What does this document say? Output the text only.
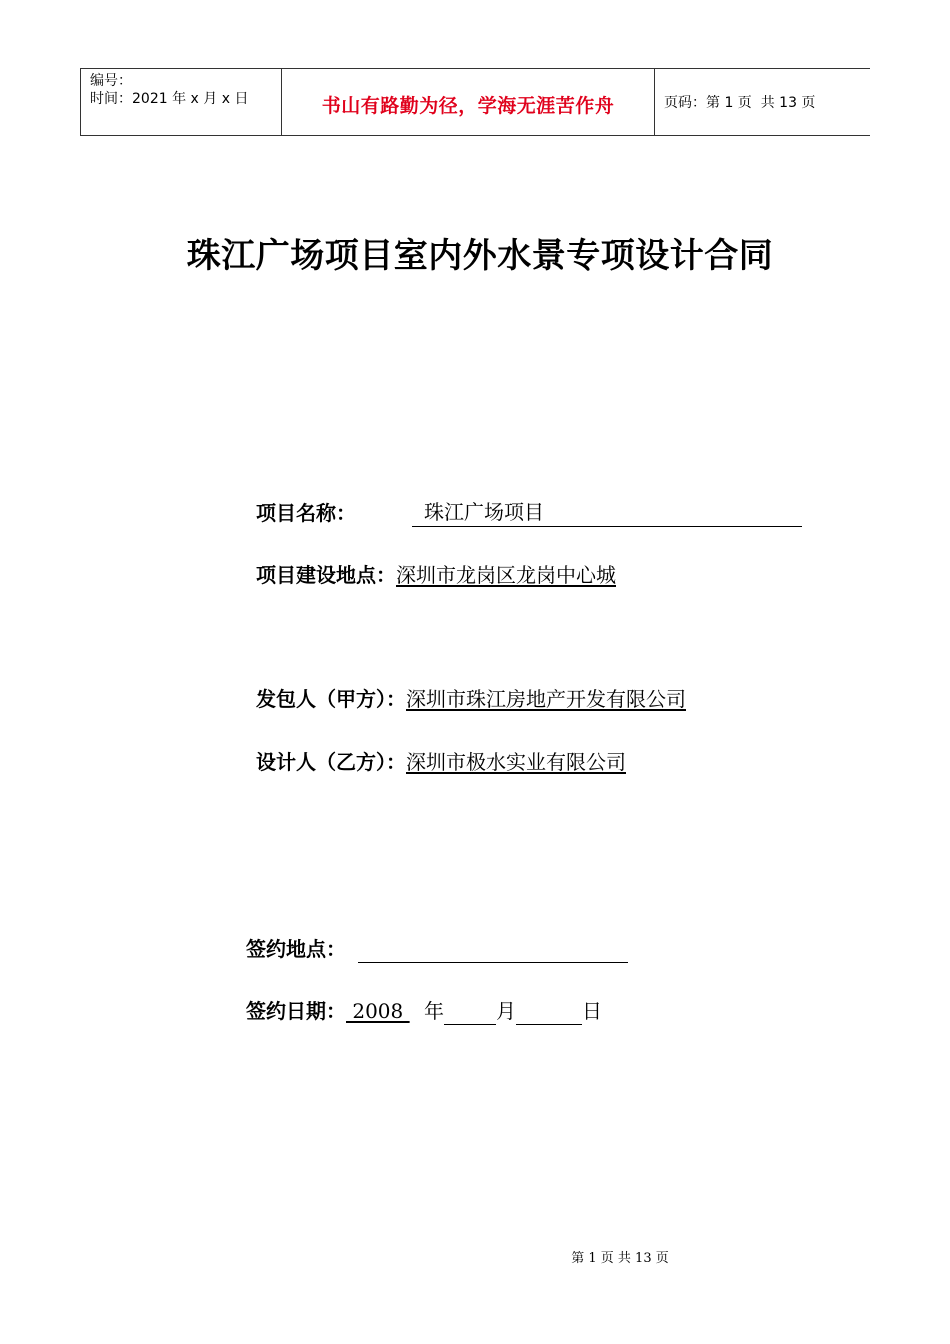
编号：
时间：2021 年 x 月 x 日	书山有路勤为径，学海无涯苦作舟	页码：第 1 页  共 13 页
珠江广场项目室内外水景专项设计合同
项目名称：	珠江广场项目
项目建设地点： 深圳市龙岗区龙岗中心城
发包人（甲方）： 深圳市珠江房地产开发有限公司
设计人（乙方）： 深圳市极水实业有限公司
签约地点：
签约日期： 2008 年	月	日
第 1 页 共 13 页
